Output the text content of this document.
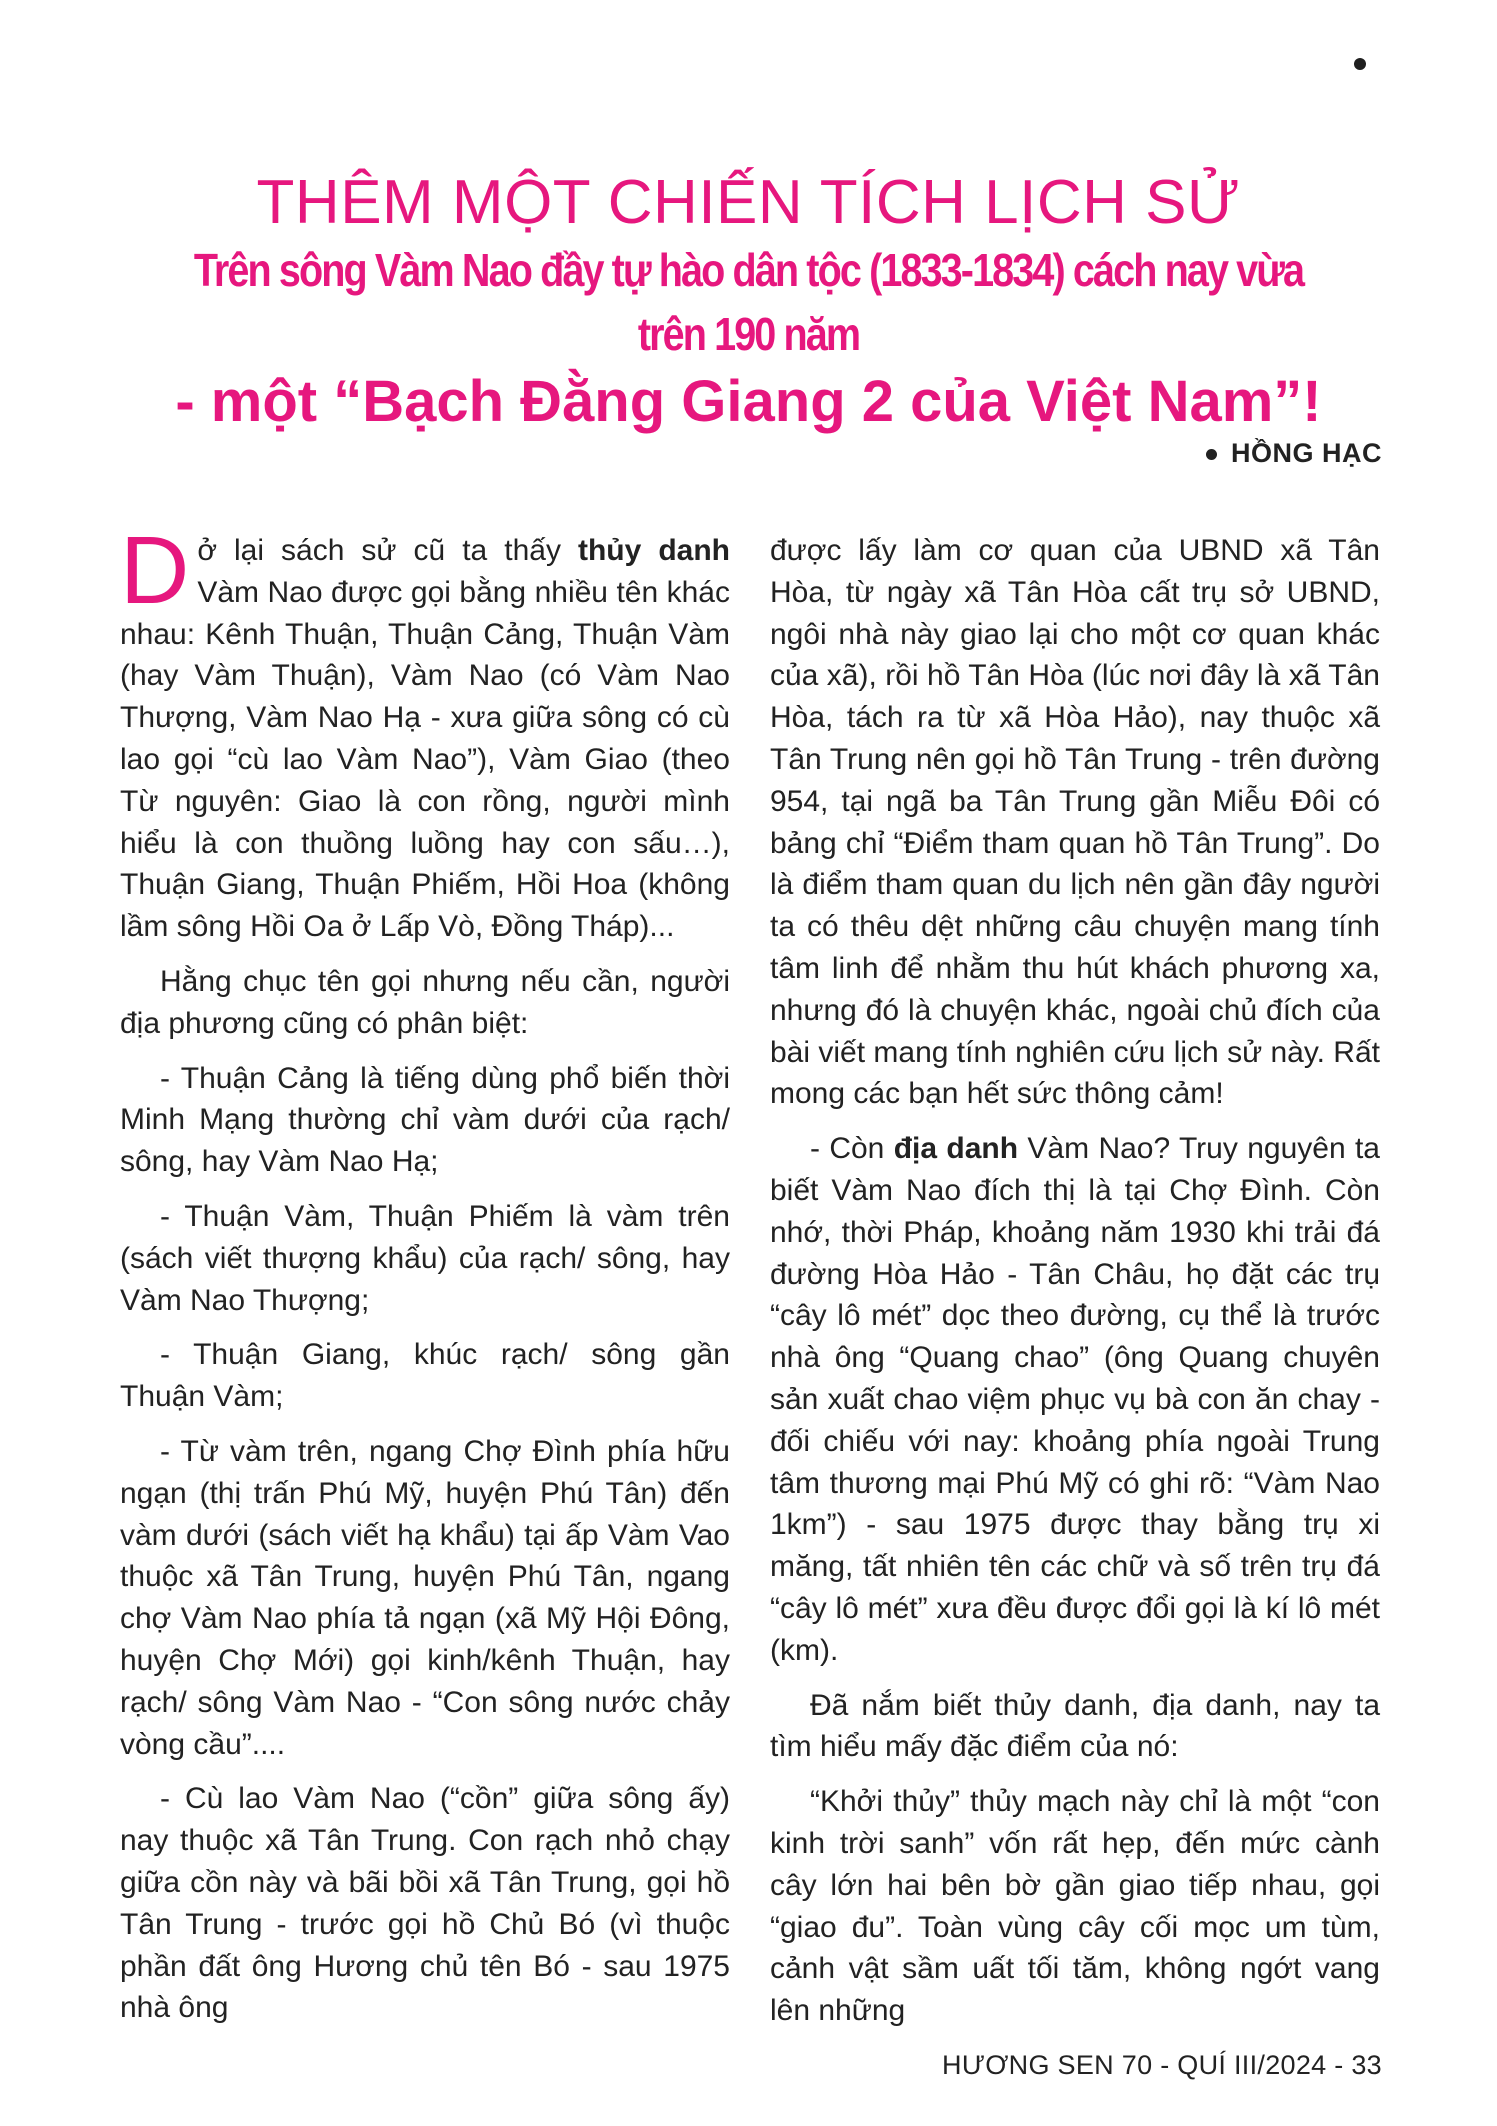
THÊM MỘT CHIẾN TÍCH LỊCH SỬ
Trên sông Vàm Nao đầy tự hào dân tộc (1833-1834) cách nay vừa trên 190 năm
- một “Bạch Đằng Giang 2 của Việt Nam”!
HỒNG HẠC

Dở lại sách sử cũ ta thấy thủy danh Vàm Nao được gọi bằng nhiều tên khác nhau: Kênh Thuận, Thuận Cảng, Thuận Vàm (hay Vàm Thuận), Vàm Nao (có Vàm Nao Thượng, Vàm Nao Hạ - xưa giữa sông có cù lao gọi “cù lao Vàm Nao”), Vàm Giao (theo Từ nguyên: Giao là con rồng, người mình hiểu là con thuồng luồng hay con sấu…), Thuận Giang, Thuận Phiếm, Hồi Hoa (không lầm sông Hồi Oa ở Lấp Vò, Đồng Tháp)...

Hằng chục tên gọi nhưng nếu cần, người địa phương cũng có phân biệt:

- Thuận Cảng là tiếng dùng phổ biến thời Minh Mạng thường chỉ vàm dưới của rạch/ sông, hay Vàm Nao Hạ;

- Thuận Vàm, Thuận Phiếm là vàm trên (sách viết thượng khẩu) của rạch/ sông, hay Vàm Nao Thượng;

- Thuận Giang, khúc rạch/ sông gần Thuận Vàm;

- Từ vàm trên, ngang Chợ Đình phía hữu ngạn (thị trấn Phú Mỹ, huyện Phú Tân) đến vàm dưới (sách viết hạ khẩu) tại ấp Vàm Vao thuộc xã Tân Trung, huyện Phú Tân, ngang chợ Vàm Nao phía tả ngạn (xã Mỹ Hội Đông, huyện Chợ Mới) gọi kinh/kênh Thuận, hay rạch/ sông Vàm Nao - “Con sông nước chảy vòng cầu”....

- Cù lao Vàm Nao (“cồn” giữa sông ấy) nay thuộc xã Tân Trung. Con rạch nhỏ chạy giữa cồn này và bãi bồi xã Tân Trung, gọi hồ Tân Trung - trước gọi hồ Chủ Bó (vì thuộc phần đất ông Hương chủ tên Bó - sau 1975 nhà ông

được lấy làm cơ quan của UBND xã Tân Hòa, từ ngày xã Tân Hòa cất trụ sở UBND, ngôi nhà này giao lại cho một cơ quan khác của xã), rồi hồ Tân Hòa (lúc nơi đây là xã Tân Hòa, tách ra từ xã Hòa Hảo), nay thuộc xã Tân Trung nên gọi hồ Tân Trung - trên đường 954, tại ngã ba Tân Trung gần Miễu Đôi có bảng chỉ “Điểm tham quan hồ Tân Trung”. Do là điểm tham quan du lịch nên gần đây người ta có thêu dệt những câu chuyện mang tính tâm linh để nhằm thu hút khách phương xa, nhưng đó là chuyện khác, ngoài chủ đích của bài viết mang tính nghiên cứu lịch sử này. Rất mong các bạn hết sức thông cảm!

- Còn địa danh Vàm Nao? Truy nguyên ta biết Vàm Nao đích thị là tại Chợ Đình. Còn nhớ, thời Pháp, khoảng năm 1930 khi trải đá đường Hòa Hảo - Tân Châu, họ đặt các trụ “cây lô mét” dọc theo đường, cụ thể là trước nhà ông “Quang chao” (ông Quang chuyên sản xuất chao việm phục vụ bà con ăn chay - đối chiếu với nay: khoảng phía ngoài Trung tâm thương mại Phú Mỹ có ghi rõ: “Vàm Nao 1km”) - sau 1975 được thay bằng trụ xi măng, tất nhiên tên các chữ và số trên trụ đá “cây lô mét” xưa đều được đổi gọi là kí lô mét (km).

Đã nắm biết thủy danh, địa danh, nay ta tìm hiểu mấy đặc điểm của nó:

“Khởi thủy” thủy mạch này chỉ là một “con kinh trời sanh” vốn rất hẹp, đến mức cành cây lớn hai bên bờ gần giao tiếp nhau, gọi “giao đu”. Toàn vùng cây cối mọc um tùm, cảnh vật sầm uất tối tăm, không ngớt vang lên những

HƯƠNG SEN 70 - QUÍ III/2024 - 33
